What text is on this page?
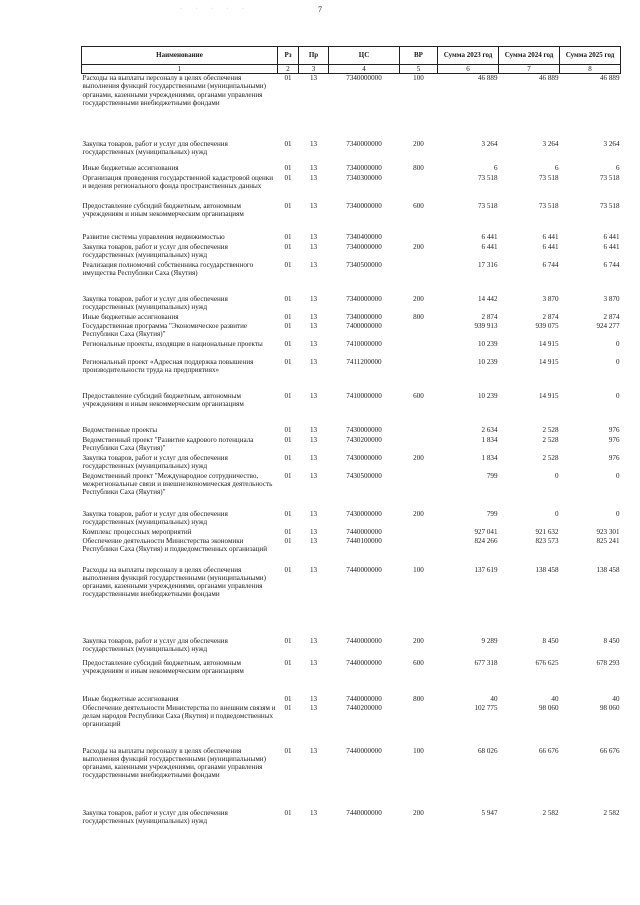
· · · · ·	7
Наименование	Рз	Пр	ЦС	ВР	Сумма 2023 год	Сумма 2024 год	Сумма 2025 год
1	2	3	4	5	6	7	8
Расходы на выплаты персоналу в целях обеспечения выполнения функций государственными (муниципальными) органами, казенными учреждениями, органами управления государственными внебюджетными фондами	01	13	7340000000	100	46 889	46 889	46 889
Закупка товаров, работ и услуг для обеспечения государственных (муниципальных) нужд	01	13	7340000000	200	3 264	3 264	3 264
Иные бюджетные ассигнования	01	13	7340000000	800	6	6	6
Организация проведения государственной кадастровой оценки и ведения регионального фонда пространственных данных	01	13	7340300000		73 518	73 518	73 518
Предоставление субсидий бюджетным, автономным учреждениям и иным некоммерческим организациям	01	13	7340000000	600	73 518	73 518	73 518
Развитие системы управления недвижимостью	01	13	7340400000		6 441	6 441	6 441
Закупка товаров, работ и услуг для обеспечения государственных (муниципальных) нужд	01	13	7340000000	200	6 441	6 441	6 441
Реализация полномочий собственника государственного имущества Республики Саха (Якутия)	01	13	7340500000		17 316	6 744	6 744
Закупка товаров, работ и услуг для обеспечения государственных (муниципальных) нужд	01	13	7340000000	200	14 442	3 870	3 870
Иные бюджетные ассигнования	01	13	7340000000	800	2 874	2 874	2 874
Государственная программа "Экономическое развитие Республики Саха (Якутия)"	01	13	7400000000		939 913	939 075	924 277
Региональные проекты, входящие в национальные проекты	01	13	7410000000		10 239	14 915	0
Региональный проект «Адресная поддержка повышения производительности труда на предприятиях»	01	13	7411200000		10 239	14 915	0
Предоставление субсидий бюджетным, автономным учреждениям и иным некоммерческим организациям	01	13	7410000000	600	10 239	14 915	0
Ведомственные проекты	01	13	7430000000		2 634	2 528	976
Ведомственный проект "Развитие кадрового потенциала Республики Саха (Якутия)"	01	13	7430200000		1 834	2 528	976
Закупка товаров, работ и услуг для обеспечения государственных (муниципальных) нужд	01	13	7430000000	200	1 834	2 528	976
Ведомственный проект "Международное сотрудничество, межрегиональные связи и внешнеэкономическая деятельность Республики Саха (Якутия)"	01	13	7430500000		799	0	0
Закупка товаров, работ и услуг для обеспечения государственных (муниципальных) нужд	01	13	7430000000	200	799	0	0
Комплекс процессных мероприятий	01	13	7440000000		927 041	921 632	923 301
Обеспечение деятельности Министерства экономики Республики Саха (Якутия) и подведомственных организаций	01	13	7440100000		824 266	823 573	825 241
Расходы на выплаты персоналу в целях обеспечения выполнения функций государственными (муниципальными) органами, казенными учреждениями, органами управления государственными внебюджетными фондами	01	13	7440000000	100	137 619	138 458	138 458
Закупка товаров, работ и услуг для обеспечения государственных (муниципальных) нужд	01	13	7440000000	200	9 289	8 450	8 450
Предоставление субсидий бюджетным, автономным учреждениям и иным некоммерческим организациям	01	13	7440000000	600	677 318	676 625	678 293
Иные бюджетные ассигнования	01	13	7440000000	800	40	40	40
Обеспечение деятельности Министерства по внешним связям и делам народов Республики Саха (Якутия) и подведомственных организаций	01	13	7440200000		102 775	98 060	98 060
Расходы на выплаты персоналу в целях обеспечения выполнения функций государственными (муниципальными) органами, казенными учреждениями, органами управления государственными внебюджетными фондами	01	13	7440000000	100	68 026	66 676	66 676
Закупка товаров, работ и услуг для обеспечения государственных (муниципальных) нужд	01	13	7440000000	200	5 947	2 582	2 582
